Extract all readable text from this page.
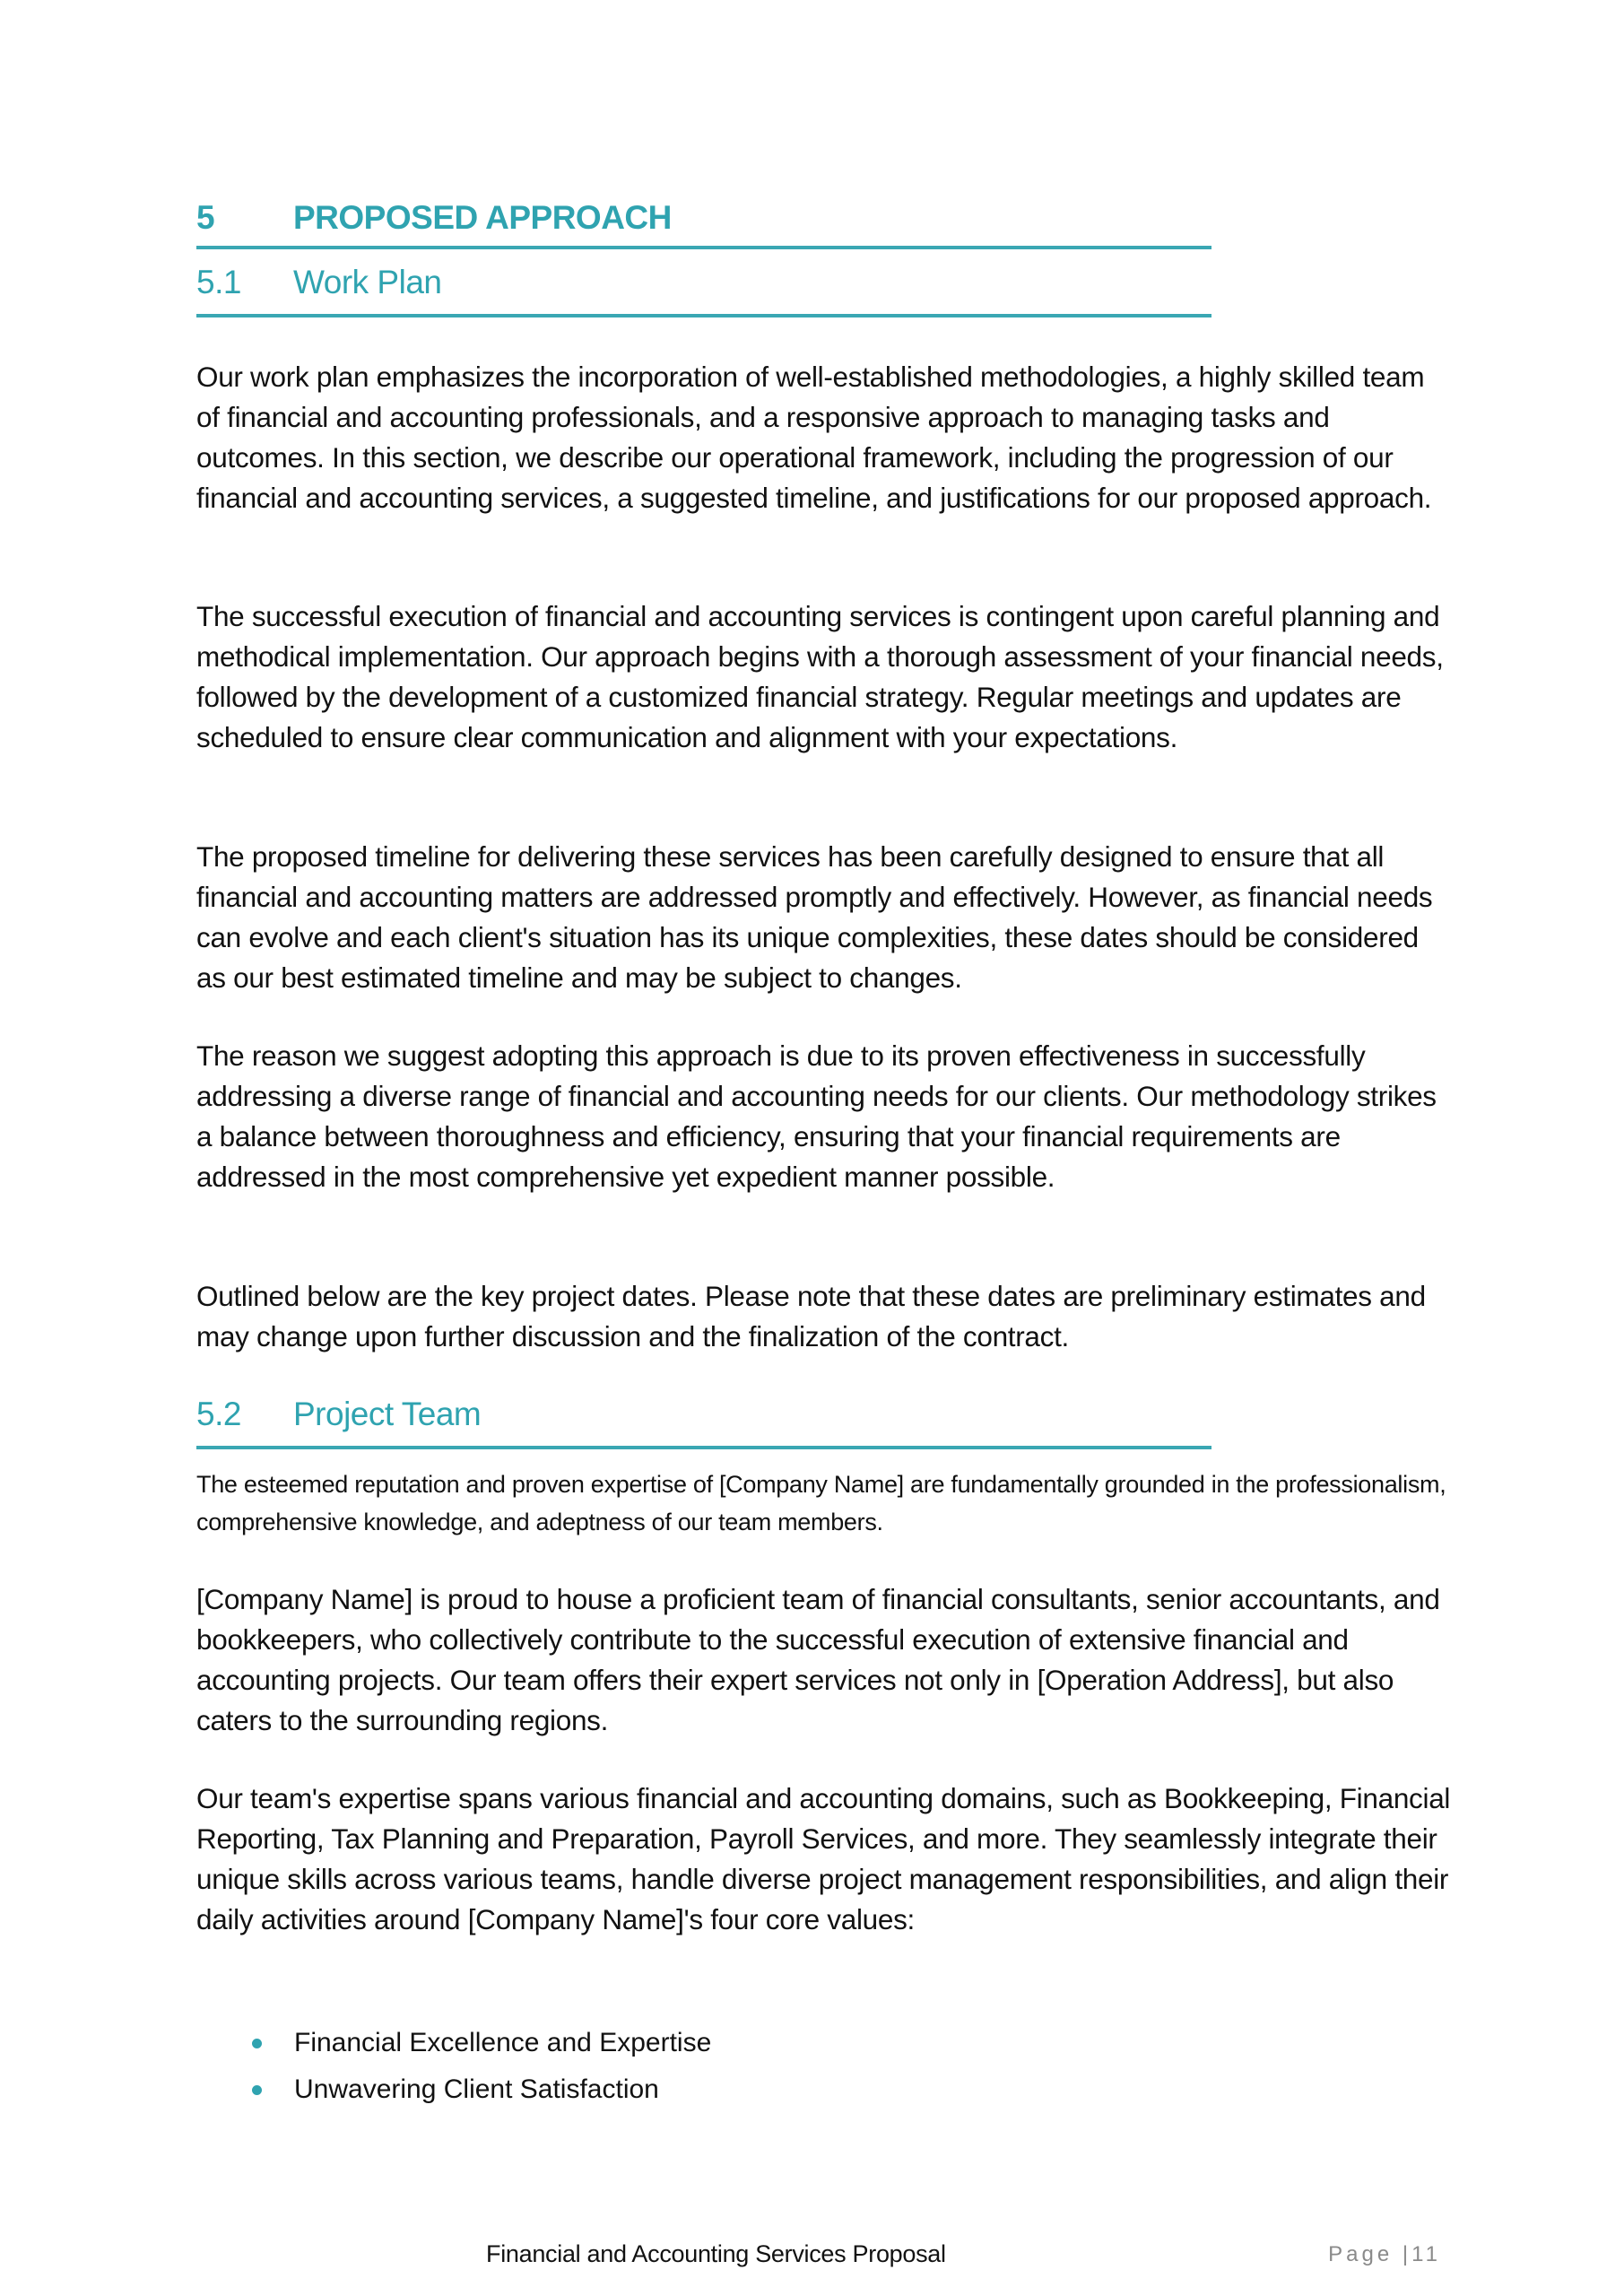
5 PROPOSED APPROACH
5.1 Work Plan

Our work plan emphasizes the incorporation of well-established methodologies, a highly skilled team of financial and accounting professionals, and a responsive approach to managing tasks and outcomes. In this section, we describe our operational framework, including the progression of our financial and accounting services, a suggested timeline, and justifications for our proposed approach.

The successful execution of financial and accounting services is contingent upon careful planning and methodical implementation. Our approach begins with a thorough assessment of your financial needs, followed by the development of a customized financial strategy. Regular meetings and updates are scheduled to ensure clear communication and alignment with your expectations.

The proposed timeline for delivering these services has been carefully designed to ensure that all financial and accounting matters are addressed promptly and effectively. However, as financial needs can evolve and each client's situation has its unique complexities, these dates should be considered as our best estimated timeline and may be subject to changes.

The reason we suggest adopting this approach is due to its proven effectiveness in successfully addressing a diverse range of financial and accounting needs for our clients. Our methodology strikes a balance between thoroughness and efficiency, ensuring that your financial requirements are addressed in the most comprehensive yet expedient manner possible.

Outlined below are the key project dates. Please note that these dates are preliminary estimates and may change upon further discussion and the finalization of the contract.

5.2 Project Team

The esteemed reputation and proven expertise of [Company Name] are fundamentally grounded in the professionalism, comprehensive knowledge, and adeptness of our team members.

[Company Name] is proud to house a proficient team of financial consultants, senior accountants, and bookkeepers, who collectively contribute to the successful execution of extensive financial and accounting projects. Our team offers their expert services not only in [Operation Address], but also caters to the surrounding regions.

Our team's expertise spans various financial and accounting domains, such as Bookkeeping, Financial Reporting, Tax Planning and Preparation, Payroll Services, and more. They seamlessly integrate their unique skills across various teams, handle diverse project management responsibilities, and align their daily activities around [Company Name]'s four core values:

Financial Excellence and Expertise
Unwavering Client Satisfaction
Financial and Accounting Services Proposal	Page |11
